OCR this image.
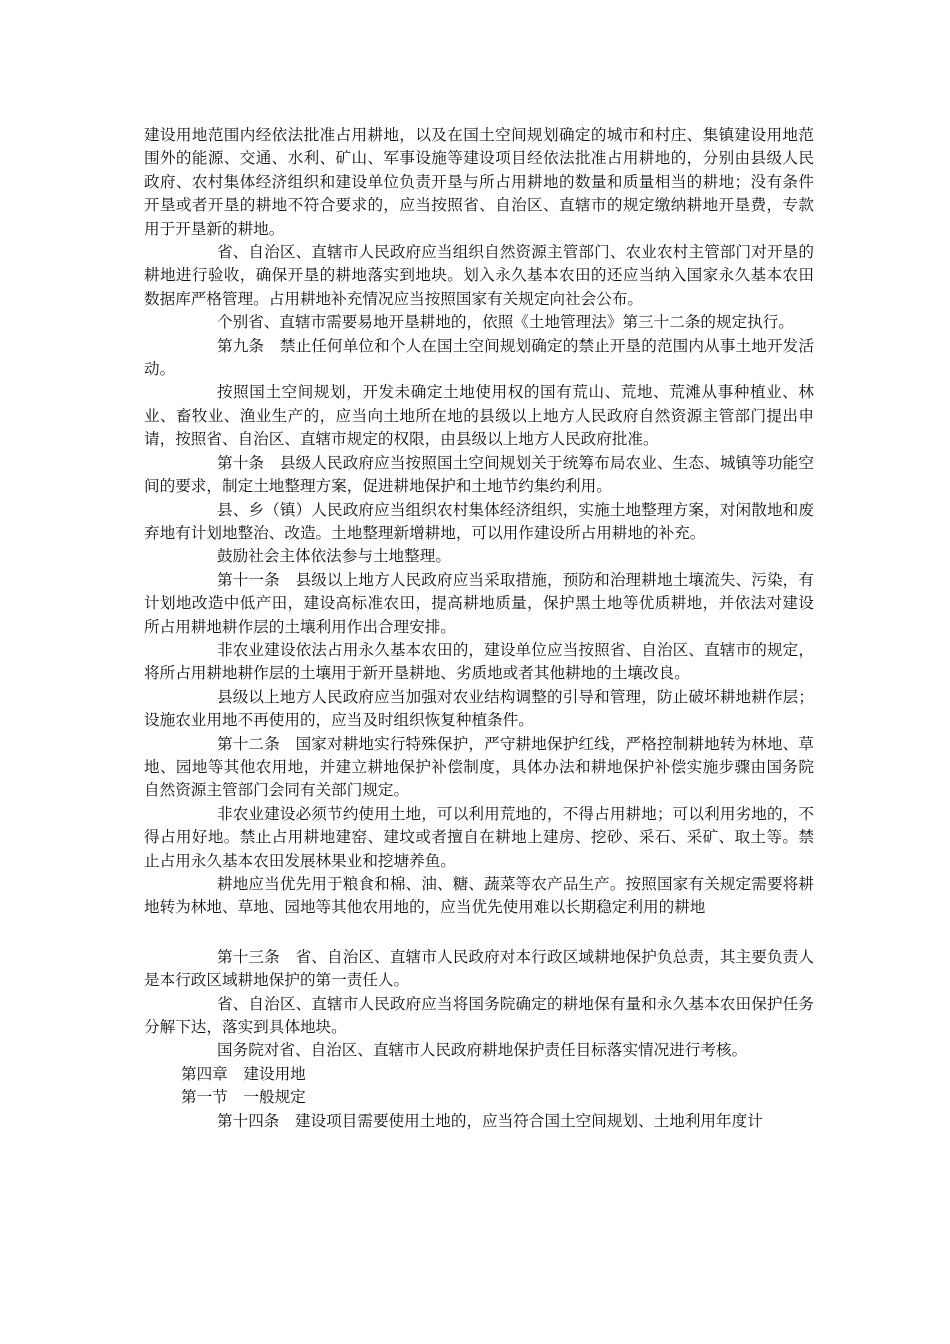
建设用地范围内经依法批准占用耕地，以及在国土空间规划确定的城市和村庄、集镇建设用地范围外的能源、交通、水利、矿山、军事设施等建设项目经依法批准占用耕地的，分别由县级人民政府、农村集体经济组织和建设单位负责开垦与所占用耕地的数量和质量相当的耕地；没有条件开垦或者开垦的耕地不符合要求的，应当按照省、自治区、直辖市的规定缴纳耕地开垦费，专款用于开垦新的耕地。

省、自治区、直辖市人民政府应当组织自然资源主管部门、农业农村主管部门对开垦的耕地进行验收，确保开垦的耕地落实到地块。划入永久基本农田的还应当纳入国家永久基本农田数据库严格管理。占用耕地补充情况应当按照国家有关规定向社会公布。

个别省、直辖市需要易地开垦耕地的，依照《土地管理法》第三十二条的规定执行。

第九条　禁止任何单位和个人在国土空间规划确定的禁止开垦的范围内从事土地开发活动。

按照国土空间规划，开发未确定土地使用权的国有荒山、荒地、荒滩从事种植业、林业、畜牧业、渔业生产的，应当向土地所在地的县级以上地方人民政府自然资源主管部门提出申请，按照省、自治区、直辖市规定的权限，由县级以上地方人民政府批准。

第十条　县级人民政府应当按照国土空间规划关于统筹布局农业、生态、城镇等功能空间的要求，制定土地整理方案，促进耕地保护和土地节约集约利用。

县、乡（镇）人民政府应当组织农村集体经济组织，实施土地整理方案，对闲散地和废弃地有计划地整治、改造。土地整理新增耕地，可以用作建设所占用耕地的补充。

鼓励社会主体依法参与土地整理。

第十一条　县级以上地方人民政府应当采取措施，预防和治理耕地土壤流失、污染，有计划地改造中低产田，建设高标准农田，提高耕地质量，保护黑土地等优质耕地，并依法对建设所占用耕地耕作层的土壤利用作出合理安排。

非农业建设依法占用永久基本农田的，建设单位应当按照省、自治区、直辖市的规定，将所占用耕地耕作层的土壤用于新开垦耕地、劣质地或者其他耕地的土壤改良。

县级以上地方人民政府应当加强对农业结构调整的引导和管理，防止破坏耕地耕作层；设施农业用地不再使用的，应当及时组织恢复种植条件。

第十二条　国家对耕地实行特殊保护，严守耕地保护红线，严格控制耕地转为林地、草地、园地等其他农用地，并建立耕地保护补偿制度，具体办法和耕地保护补偿实施步骤由国务院自然资源主管部门会同有关部门规定。

非农业建设必须节约使用土地，可以利用荒地的，不得占用耕地；可以利用劣地的，不得占用好地。禁止占用耕地建窑、建坟或者擅自在耕地上建房、挖砂、采石、采矿、取土等。禁止占用永久基本农田发展林果业和挖塘养鱼。

耕地应当优先用于粮食和棉、油、糖、蔬菜等农产品生产。按照国家有关规定需要将耕地转为林地、草地、园地等其他农用地的，应当优先使用难以长期稳定利用的耕地

第十三条　省、自治区、直辖市人民政府对本行政区域耕地保护负总责，其主要负责人是本行政区域耕地保护的第一责任人。

省、自治区、直辖市人民政府应当将国务院确定的耕地保有量和永久基本农田保护任务分解下达，落实到具体地块。

国务院对省、自治区、直辖市人民政府耕地保护责任目标落实情况进行考核。

第四章　建设用地

第一节　一般规定

第十四条　建设项目需要使用土地的，应当符合国土空间规划、土地利用年度计
